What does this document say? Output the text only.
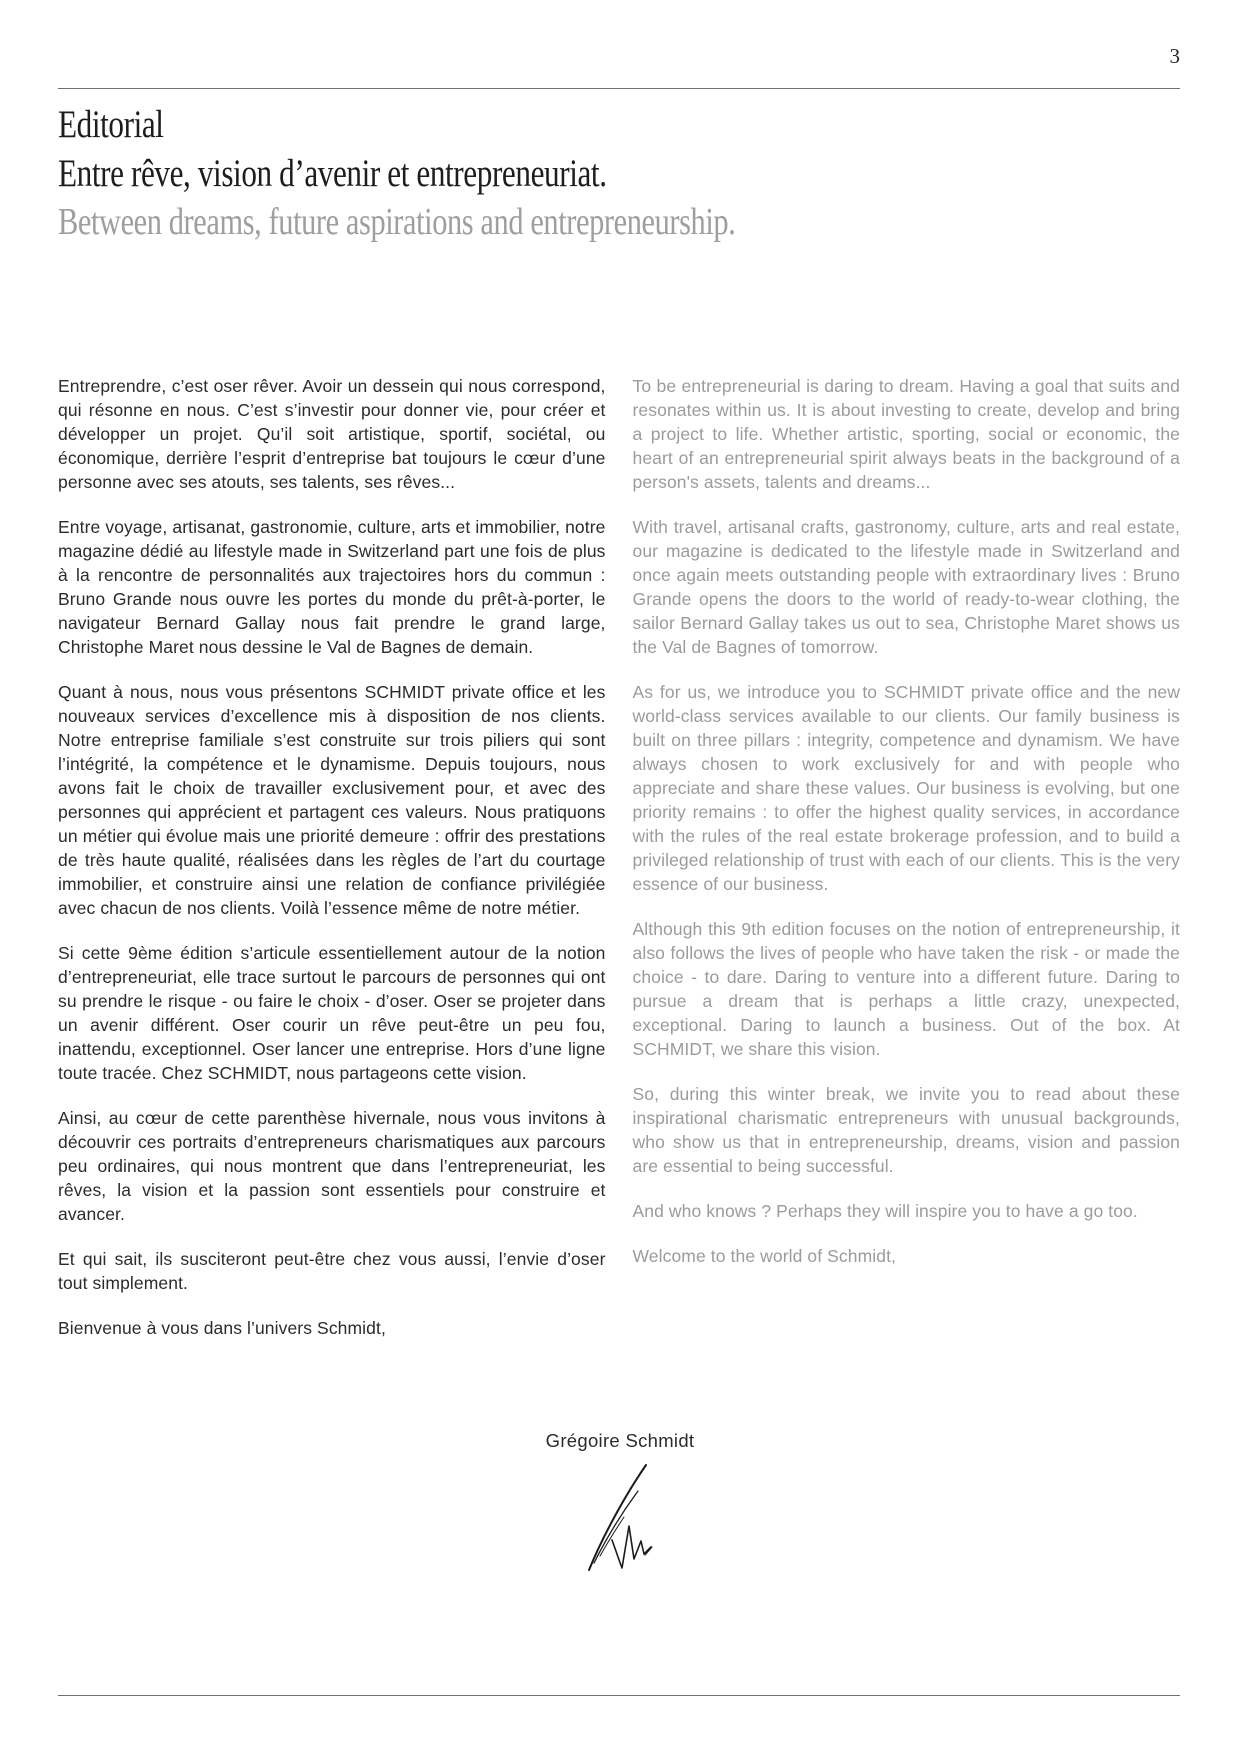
3
Editorial
Entre rêve, vision d’avenir et entrepreneuriat.
Between dreams, future aspirations and entrepreneurship.

Entreprendre, c’est oser rêver. Avoir un dessein qui nous correspond, qui résonne en nous. C’est s’investir pour donner vie, pour créer et développer un projet. Qu’il soit artistique, sportif, sociétal, ou économique, derrière l’esprit d’entreprise bat toujours le cœur d’une personne avec ses atouts, ses talents, ses rêves...

Entre voyage, artisanat, gastronomie, culture, arts et immobilier, notre magazine dédié au lifestyle made in Switzerland part une fois de plus à la rencontre de personnalités aux trajectoires hors du commun : Bruno Grande nous ouvre les portes du monde du prêt-à-porter, le navigateur Bernard Gallay nous fait prendre le grand large, Christophe Maret nous dessine le Val de Bagnes de demain.

Quant à nous, nous vous présentons SCHMIDT private office et les nouveaux services d’excellence mis à disposition de nos clients. Notre entreprise familiale s’est construite sur trois piliers qui sont l’intégrité, la compétence et le dynamisme. Depuis toujours, nous avons fait le choix de travailler exclusivement pour, et avec des personnes qui apprécient et partagent ces valeurs. Nous pratiquons un métier qui évolue mais une priorité demeure : offrir des prestations de très haute qualité, réalisées dans les règles de l’art du courtage immobilier, et construire ainsi une relation de confiance privilégiée avec chacun de nos clients. Voilà l’essence même de notre métier.

Si cette 9ème édition s’articule essentiellement autour de la notion d’entrepreneuriat, elle trace surtout le parcours de personnes qui ont su prendre le risque - ou faire le choix - d’oser. Oser se projeter dans un avenir différent. Oser courir un rêve peut-être un peu fou, inattendu, exceptionnel. Oser lancer une entreprise. Hors d’une ligne toute tracée. Chez SCHMIDT, nous partageons cette vision.

Ainsi, au cœur de cette parenthèse hivernale, nous vous invitons à découvrir ces portraits d’entrepreneurs charismatiques aux parcours peu ordinaires, qui nous montrent que dans l’entrepreneuriat, les rêves, la vision et la passion sont essentiels pour construire et avancer.

Et qui sait, ils susciteront peut-être chez vous aussi, l’envie d’oser tout simplement.

Bienvenue à vous dans l’univers Schmidt,

To be entrepreneurial is daring to dream. Having a goal that suits and resonates within us. It is about investing to create, develop and bring a project to life. Whether artistic, sporting, social or economic, the heart of an entrepreneurial spirit always beats in the background of a person's assets, talents and dreams...

With travel, artisanal crafts, gastronomy, culture, arts and real estate, our magazine is dedicated to the lifestyle made in Switzerland and once again meets outstanding people with extraordinary lives : Bruno Grande opens the doors to the world of ready-to-wear clothing, the sailor Bernard Gallay takes us out to sea, Christophe Maret shows us the Val de Bagnes of tomorrow.

As for us, we introduce you to SCHMIDT private office and the new world-class services available to our clients. Our family business is built on three pillars : integrity, competence and dynamism. We have always chosen to work exclusively for and with people who appreciate and share these values. Our business is evolving, but one priority remains : to offer the highest quality services, in accordance with the rules of the real estate brokerage profession, and to build a privileged relationship of trust with each of our clients. This is the very essence of our business.

Although this 9th edition focuses on the notion of entrepreneurship, it also follows the lives of people who have taken the risk - or made the choice - to dare. Daring to venture into a different future. Daring to pursue a dream that is perhaps a little crazy, unexpected, exceptional. Daring to launch a business. Out of the box. At SCHMIDT, we share this vision.

So, during this winter break, we invite you to read about these inspirational charismatic entrepreneurs with unusual backgrounds, who show us that in entrepreneurship, dreams, vision and passion are essential to being successful.

And who knows ? Perhaps they will inspire you to have a go too.

Welcome to the world of Schmidt,

Grégoire Schmidt
